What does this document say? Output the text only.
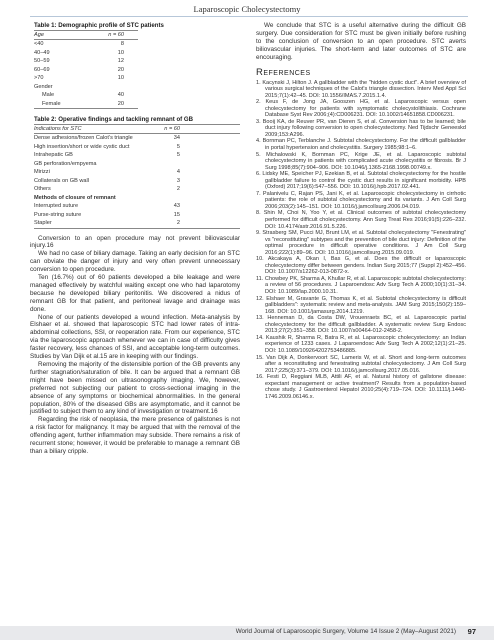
Laparoscopic Cholecystectomy
Table 1: Demographic profile of STC patients
Age	n = 60
<40	8
40–49	10
50–59	12
60–69	20
>70	10
Gender	
Male	40
Female	20
Table 2: Operative findings and tackling remnant of GB
Indications for STC	n = 60
Dense adhesions/frozen Calot’s triangle	34
High insertion/short or wide cystic duct	5
Intrahepatic GB	5
GB perforation/empyema	
Mirizzi	4
Collaterals on GB wall	3
Others	2
Methods of closure of remnant	
Interrupted suture	43
Purse-string suture	15
Stapler	2

Conversion to an open procedure may not prevent biliovascular injury.16

We had no case of biliary damage. Taking an early decision for an STC can obviate the danger of injury and very often prevent unnecessary conversion to open procedure.

Ten (16.7%) out of 60 patients developed a bile leakage and were managed effectively by watchful waiting except one who had laparotomy because he developed biliary peritonitis. We discovered a nidus of remnant GB for that patient, and peritoneal lavage and drainage was done.

None of our patients developed a wound infection. Meta-analysis by Elshaer et al. showed that laparoscopic STC had lower rates of intra-abdominal collections, SSI, or reoperation rate. From our experience, STC via the laparoscopic approach whenever we can in case of difficulty gives faster recovery, less chances of SSI, and acceptable long-term outcomes. Studies by Van Dijk et al.15 are in keeping with our findings.

Removing the majority of the distensible portion of the GB prevents any further stagnation/saturation of bile. It can be argued that a remnant GB might have been missed on ultrasonography imaging. We, however, preferred not subjecting our patient to cross-sectional imaging in the absence of any symptoms or biochemical abnormalities. In the general population, 80% of the diseased GBs are asymptomatic, and it cannot be justified to subject them to any kind of investigation or treatment.16

Regarding the risk of neoplasia, the mere presence of gallstones is not a risk factor for malignancy. It may be argued that with the removal of the offending agent, further inflammation may subside. There remains a risk of recurrent stone; however, it would be preferable to manage a remnant GB than a biliary cripple.

We conclude that STC is a useful alternative during the difficult GB surgery. Due consideration for STC must be given initially before rushing to the conclusion of conversion to an open procedure. STC averts biliovascular injuries. The short-term and later outcomes of STC are encouraging.

References

1. Kacynski J, Hilton J. A gallbladder with the "hidden cystic duct". A brief overview of various surgical techniques of the Calot's triangle dissection. Interv Med Appl Sci 2015;7(1):42–45. DOI: 10.1556/IMAS.7.2015.1.4.

2. Keus F, de Jong JA, Gooszen HG, et al. Laparoscopic versus open cholecystectomy for patients with symptomatic cholecystolithiasis. Cochrane Database Syst Rev 2006;(4):CD006231. DOI: 10.1002/14651858.CD006231.

3. Booij KA, de Reuver PR, van Dieren S, et al. Conversion has to be learned; bile duct injury following conversion to open cholecystectomy. Ned Tijdschr Geneeskd 2009;153:A296.

4. Bornman PC, Terblanche J. Subtotal cholecystectomy. For the difficult gallbladder in portal hypertension and cholecystitis. Surgery 1985;98:1–6.

5. Michalowski K, Bornman PC, Krige JE, et al. Laparoscopic subtotal cholecystectomy in patients with complicated acute cholecystitis or fibrosis. Br J Surg 1998;85(7):904–906. DOI: 10.1046/j.1365-2168.1998.00749.x.

6. Lidsky ME, Speicher PJ, Ezekian B, et al. Subtotal cholecystectomy for the hostile gallbladder failure to control the cystic duct results in significant morbidity. HPB (Oxford) 2017;19(6):547–556. DOI: 10.1016/j.hpb.2017.02.441.

7. Palanivelu C, Rajan PS, Jani K, et al. Laparoscopic cholecystectomy in cirrhotic patients: the role of subtotal cholecystectomy and its variants. J Am Coll Surg 2006;203(2):145–151. DOI: 10.1016/j.jamcollsurg.2006.04.019.

8. Shin M, Choi N, Yoo Y, et al. Clinical outcomes of subtotal cholecystectomy performed for difficult cholecystectomy. Ann Surg Treat Res 2016;91(5):226–232. DOI: 10.4174/astr.2016.91.5.226.

9. Strasberg SM, Pucci MJ, Brunt LM, et al. Subtotal cholecystectomy "Fenestrating" vs "reconstituting" subtypes and the prevention of bile duct injury: Definition of the optimal procedure in difficult operative conditions. J Am Coll Surg 2016;222(1):89–96. DOI: 10.1016/j.jamcollsurg.2015.09.019.

10. Akcakaya A, Okan I, Bas G, et al. Does the difficult or laparoscopic cholecystectomy differ between genders. Indian Surg 2015;77 (Suppl 2):452–456. DOI: 10.1007/s12262-013-0872-x.

11. Chowbey PK, Sharma A, Khullar R, et al. Laparoscopic subtotal cholecystectomy: a review of 56 procedures. J Laparoendosc Adv Surg Tech A 2000;10(1):31–34. DOI: 10.1089/lap.2000.10.31.

12. Elshaer M, Gravante G, Thomas K, et al. Subtotal cholecystectomy is difficult gallbladders": systematic review and meta-analysis. JAM Surg 2015;150(2):159–168. DOI: 10.1001/jamasurg.2014.1219.

13. Henneman D, da Costa DW, Vrouenraets BC, et al. Laparoscopic partial cholecystectomy for the difficult gallbladder. A systematic review Surg Endosc 2013;27(2):351–358. DOI: 10.1007/s00464-012-2458-2.

14. Kaushik R, Sharma R, Batra R, et al. Laparoscopic cholecystectomy: an Indian experience of 1233 cases. J Laparoendosc Adv Surg Tech A 2002;12(1):21–25. DOI: 10.1089/109264202753486885.

15. Van Dijk A, Donkervoort SC, Lameris W, et al. Short and long-term outcomes after a reconstituting and fenestrating subtotal cholecystectomy. J Am Coll Surg 2017;225(3):371–379. DOI: 10.1016/j.jamcollsurg.2017.05.016.

16. Festi D, Reggiani MLB, Attili AF, et al. Natural history of gallstone disease: expectant management or active treatment? Results from a population-based chose study. J Gastroenterol Hepatol 2010;25(4):719–724. DOI: 10.1111/j.1440-1746.2009.06146.x.

World Journal of Laparoscopic Surgery, Volume 14 Issue 2 (May–August 2021) 97
